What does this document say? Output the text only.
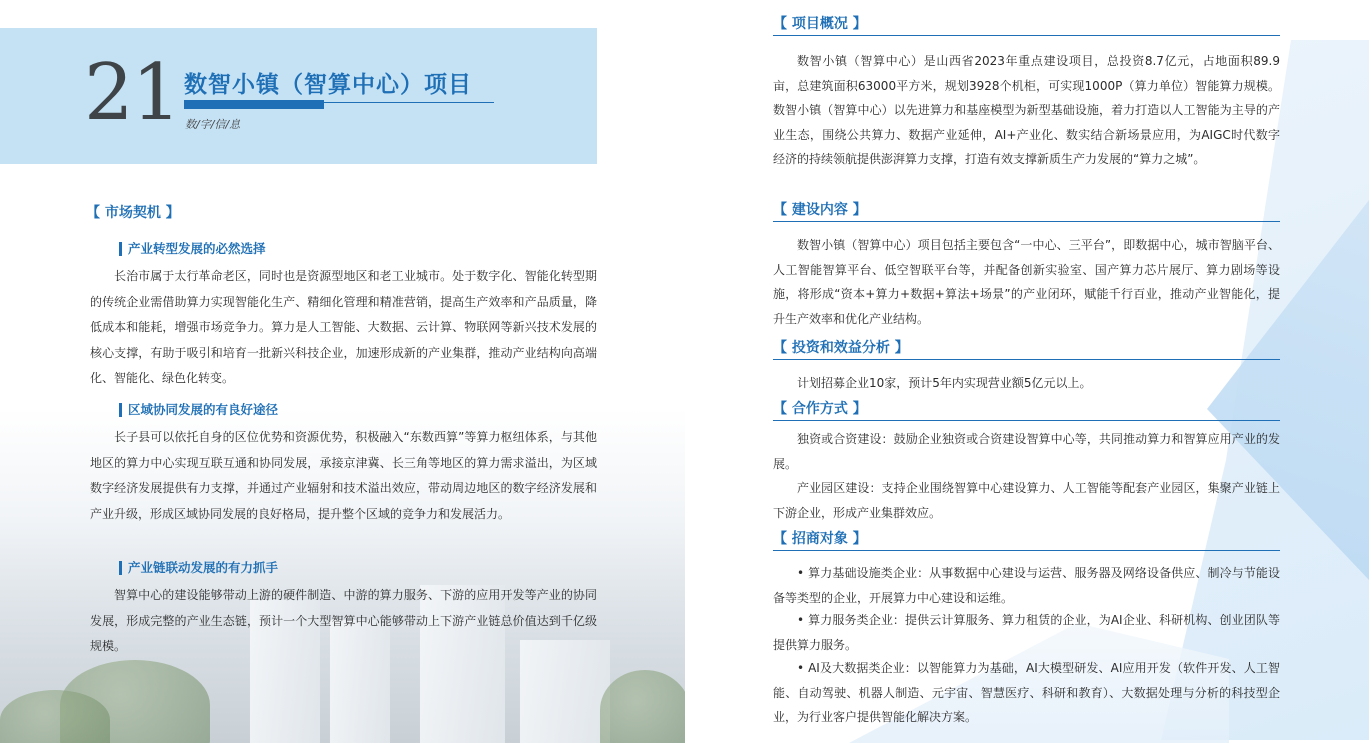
21 数智小镇（智算中心）项目
数/字/信/息
【 市场契机 】
产业转型发展的必然选择

长治市属于太行革命老区，同时也是资源型地区和老工业城市。处于数字化、智能化转型期的传统企业需借助算力实现智能化生产、精细化管理和精准营销，提高生产效率和产品质量，降低成本和能耗，增强市场竞争力。算力是人工智能、大数据、云计算、物联网等新兴技术发展的核心支撑，有助于吸引和培育一批新兴科技企业，加速形成新的产业集群，推动产业结构向高端化、智能化、绿色化转变。

区域协同发展的有良好途径

长子县可以依托自身的区位优势和资源优势，积极融入“东数西算”等算力枢纽体系，与其他地区的算力中心实现互联互通和协同发展，承接京津冀、长三角等地区的算力需求溢出，为区域数字经济发展提供有力支撑，并通过产业辐射和技术溢出效应，带动周边地区的数字经济发展和产业升级，形成区域协同发展的良好格局，提升整个区域的竞争力和发展活力。

产业链联动发展的有力抓手

智算中心的建设能够带动上游的硬件制造、中游的算力服务、下游的应用开发等产业的协同发展，形成完整的产业生态链，预计一个大型智算中心能够带动上下游产业链总价值达到千亿级规模。

【 项目概况 】

数智小镇（智算中心）是山西省2023年重点建设项目，总投资8.7亿元，占地面积89.9亩，总建筑面积63000平方米，规划3928个机柜，可实现1000P（算力单位）智能算力规模。数智小镇（智算中心）以先进算力和基座模型为新型基础设施，着力打造以人工智能为主导的产业生态，围绕公共算力、数据产业延伸，AI+产业化、数实结合新场景应用，为AIGC时代数字经济的持续领航提供澎湃算力支撑，打造有效支撑新质生产力发展的“算力之城”。

【 建设内容 】

数智小镇（智算中心）项目包括主要包含“一中心、三平台”，即数据中心，城市智脑平台、人工智能智算平台、低空智联平台等，并配备创新实验室、国产算力芯片展厅、算力剧场等设施，将形成“资本+算力+数据+算法+场景”的产业闭环，赋能千行百业，推动产业智能化，提升生产效率和优化产业结构。

【 投资和效益分析 】

计划招募企业10家，预计5年内实现营业额5亿元以上。

【 合作方式 】

独资或合资建设：鼓励企业独资或合资建设智算中心等，共同推动算力和智算应用产业的发展。

产业园区建设：支持企业围绕智算中心建设算力、人工智能等配套产业园区，集聚产业链上下游企业，形成产业集群效应。

【 招商对象 】

• 算力基础设施类企业：从事数据中心建设与运营、服务器及网络设备供应、制冷与节能设备等类型的企业，开展算力中心建设和运维。

• 算力服务类企业：提供云计算服务、算力租赁的企业，为AI企业、科研机构、创业团队等提供算力服务。

• AI及大数据类企业：以智能算力为基础，AI大模型研发、AI应用开发（软件开发、人工智能、自动驾驶、机器人制造、元宇宙、智慧医疗、科研和教育）、大数据处理与分析的科技型企业，为行业客户提供智能化解决方案。
